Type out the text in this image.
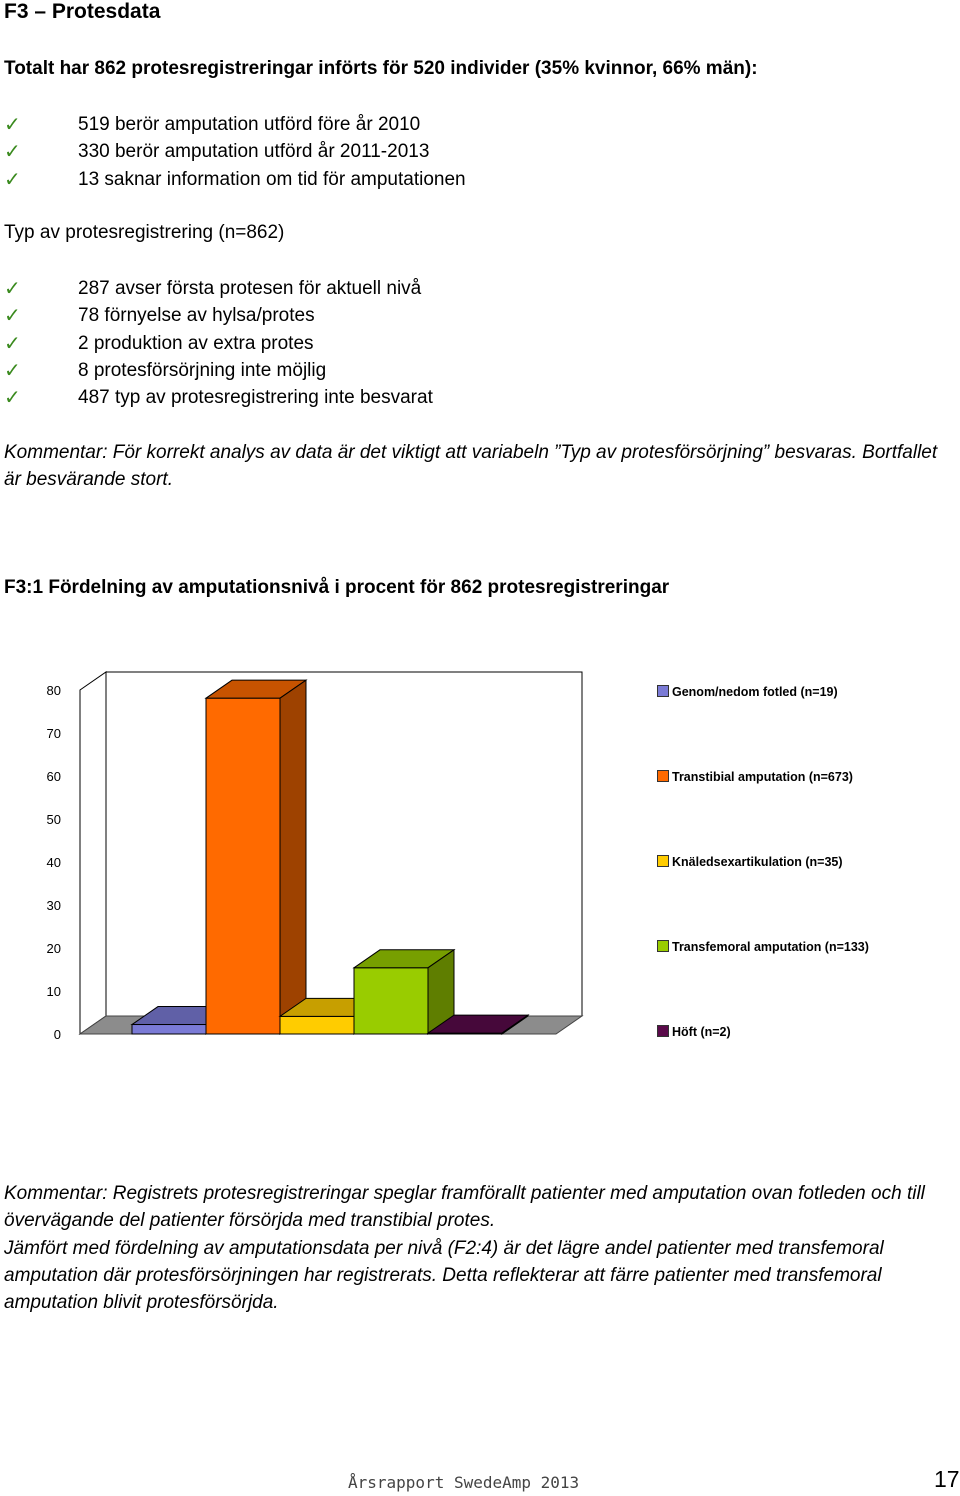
F3 – Protesdata
Totalt har 862 protesregistreringar införts för 520 individer (35% kvinnor, 66% män):
✓	519 berör amputation utförd före år 2010
✓	330 berör amputation utförd år 2011-2013
✓	13 saknar information om tid för amputationen
Typ av protesregistrering (n=862)
✓	287 avser första protesen för aktuell nivå
✓	78 förnyelse av hylsa/protes
✓	2 produktion av extra protes
✓	8 protesförsörjning inte möjlig
✓	487 typ av protesregistrering inte besvarat

Kommentar: För korrekt analys av data är det viktigt att variabeln ”Typ av protesförsörjning” besvaras. Bortfallet är besvärande stort.

F3:1 Fördelning av amputationsnivå i procent för 862 protesregistreringar
0
10
20
30
40
50
60
70
80	Genom/nedom fotled (n=19)
Transtibial amputation (n=673)
Knäledsexartikulation (n=35)
Transfemoral amputation (n=133)
Höft (n=2)

Kommentar: Registrets protesregistreringar speglar framförallt patienter med amputation ovan fotleden och till övervägande del patienter försörjda med transtibial protes.

Jämfört med fördelning av amputationsdata per nivå (F2:4) är det lägre andel patienter med transfemoral amputation där protesförsörjningen har registrerats. Detta reflekterar att färre patienter med transfemoral amputation blivit protesförsörjda.

Årsrapport SwedeAmp 2013	17
